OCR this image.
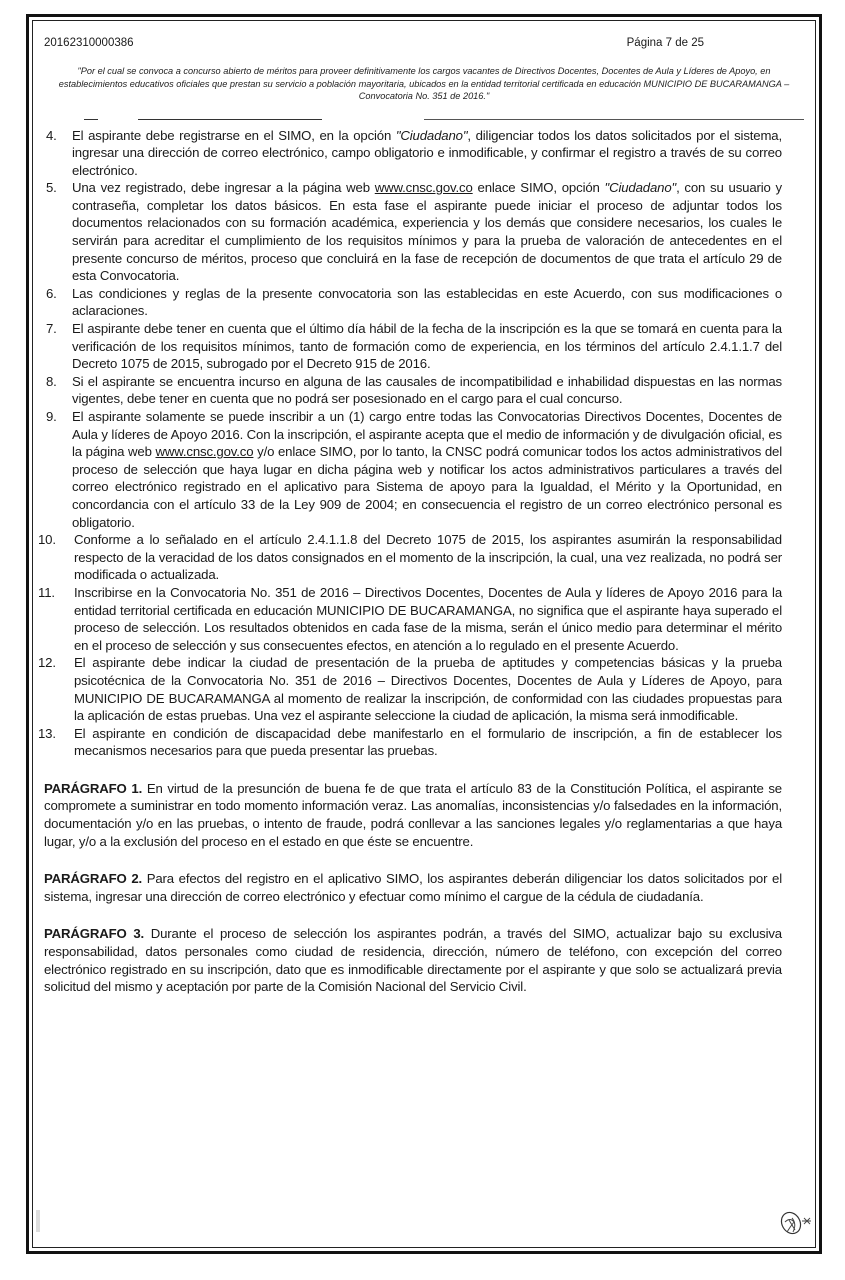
20162310000386	Página 7 de 25
"Por el cual se convoca a concurso abierto de méritos para proveer definitivamente los cargos vacantes de Directivos Docentes, Docentes de Aula y Líderes de Apoyo, en establecimientos educativos oficiales que prestan su servicio a población mayoritaria, ubicados en la entidad territorial certificada en educación MUNICIPIO DE BUCARAMANGA – Convocatoria No. 351 de 2016."
4. El aspirante debe registrarse en el SIMO, en la opción "Ciudadano", diligenciar todos los datos solicitados por el sistema, ingresar una dirección de correo electrónico, campo obligatorio e inmodificable, y confirmar el registro a través de su correo electrónico.
5. Una vez registrado, debe ingresar a la página web www.cnsc.gov.co enlace SIMO, opción "Ciudadano", con su usuario y contraseña, completar los datos básicos. En esta fase el aspirante puede iniciar el proceso de adjuntar todos los documentos relacionados con su formación académica, experiencia y los demás que considere necesarios, los cuales le servirán para acreditar el cumplimiento de los requisitos mínimos y para la prueba de valoración de antecedentes en el presente concurso de méritos, proceso que concluirá en la fase de recepción de documentos de que trata el artículo 29 de esta Convocatoria.
6. Las condiciones y reglas de la presente convocatoria son las establecidas en este Acuerdo, con sus modificaciones o aclaraciones.
7. El aspirante debe tener en cuenta que el último día hábil de la fecha de la inscripción es la que se tomará en cuenta para la verificación de los requisitos mínimos, tanto de formación como de experiencia, en los términos del artículo 2.4.1.1.7 del Decreto 1075 de 2015, subrogado por el Decreto 915 de 2016.
8. Si el aspirante se encuentra incurso en alguna de las causales de incompatibilidad e inhabilidad dispuestas en las normas vigentes, debe tener en cuenta que no podrá ser posesionado en el cargo para el cual concurso.
9. El aspirante solamente se puede inscribir a un (1) cargo entre todas las Convocatorias Directivos Docentes, Docentes de Aula y líderes de Apoyo 2016. Con la inscripción, el aspirante acepta que el medio de información y de divulgación oficial, es la página web www.cnsc.gov.co y/o enlace SIMO, por lo tanto, la CNSC podrá comunicar todos los actos administrativos del proceso de selección que haya lugar en dicha página web y notificar los actos administrativos particulares a través del correo electrónico registrado en el aplicativo para Sistema de apoyo para la Igualdad, el Mérito y la Oportunidad, en concordancia con el artículo 33 de la Ley 909 de 2004; en consecuencia el registro de un correo electrónico personal es obligatorio.
10. Conforme a lo señalado en el artículo 2.4.1.1.8 del Decreto 1075 de 2015, los aspirantes asumirán la responsabilidad respecto de la veracidad de los datos consignados en el momento de la inscripción, la cual, una vez realizada, no podrá ser modificada o actualizada.
11. Inscribirse en la Convocatoria No. 351 de 2016 – Directivos Docentes, Docentes de Aula y líderes de Apoyo 2016 para la entidad territorial certificada en educación MUNICIPIO DE BUCARAMANGA, no significa que el aspirante haya superado el proceso de selección. Los resultados obtenidos en cada fase de la misma, serán el único medio para determinar el mérito en el proceso de selección y sus consecuentes efectos, en atención a lo regulado en el presente Acuerdo.
12. El aspirante debe indicar la ciudad de presentación de la prueba de aptitudes y competencias básicas y la prueba psicotécnica de la Convocatoria No. 351 de 2016 – Directivos Docentes, Docentes de Aula y Líderes de Apoyo, para MUNICIPIO DE BUCARAMANGA al momento de realizar la inscripción, de conformidad con las ciudades propuestas para la aplicación de estas pruebas. Una vez el aspirante seleccione la ciudad de aplicación, la misma será inmodificable.
13. El aspirante en condición de discapacidad debe manifestarlo en el formulario de inscripción, a fin de establecer los mecanismos necesarios para que pueda presentar las pruebas.

PARÁGRAFO 1. En virtud de la presunción de buena fe de que trata el artículo 83 de la Constitución Política, el aspirante se compromete a suministrar en todo momento información veraz. Las anomalías, inconsistencias y/o falsedades en la información, documentación y/o en las pruebas, o intento de fraude, podrá conllevar a las sanciones legales y/o reglamentarias a que haya lugar, y/o a la exclusión del proceso en el estado en que éste se encuentre.

PARÁGRAFO 2. Para efectos del registro en el aplicativo SIMO, los aspirantes deberán diligenciar los datos solicitados por el sistema, ingresar una dirección de correo electrónico y efectuar como mínimo el cargue de la cédula de ciudadanía.

PARÁGRAFO 3. Durante el proceso de selección los aspirantes podrán, a través del SIMO, actualizar bajo su exclusiva responsabilidad, datos personales como ciudad de residencia, dirección, número de teléfono, con excepción del correo electrónico registrado en su inscripción, dato que es inmodificable directamente por el aspirante y que solo se actualizará previa solicitud del mismo y aceptación por parte de la Comisión Nacional del Servicio Civil.
